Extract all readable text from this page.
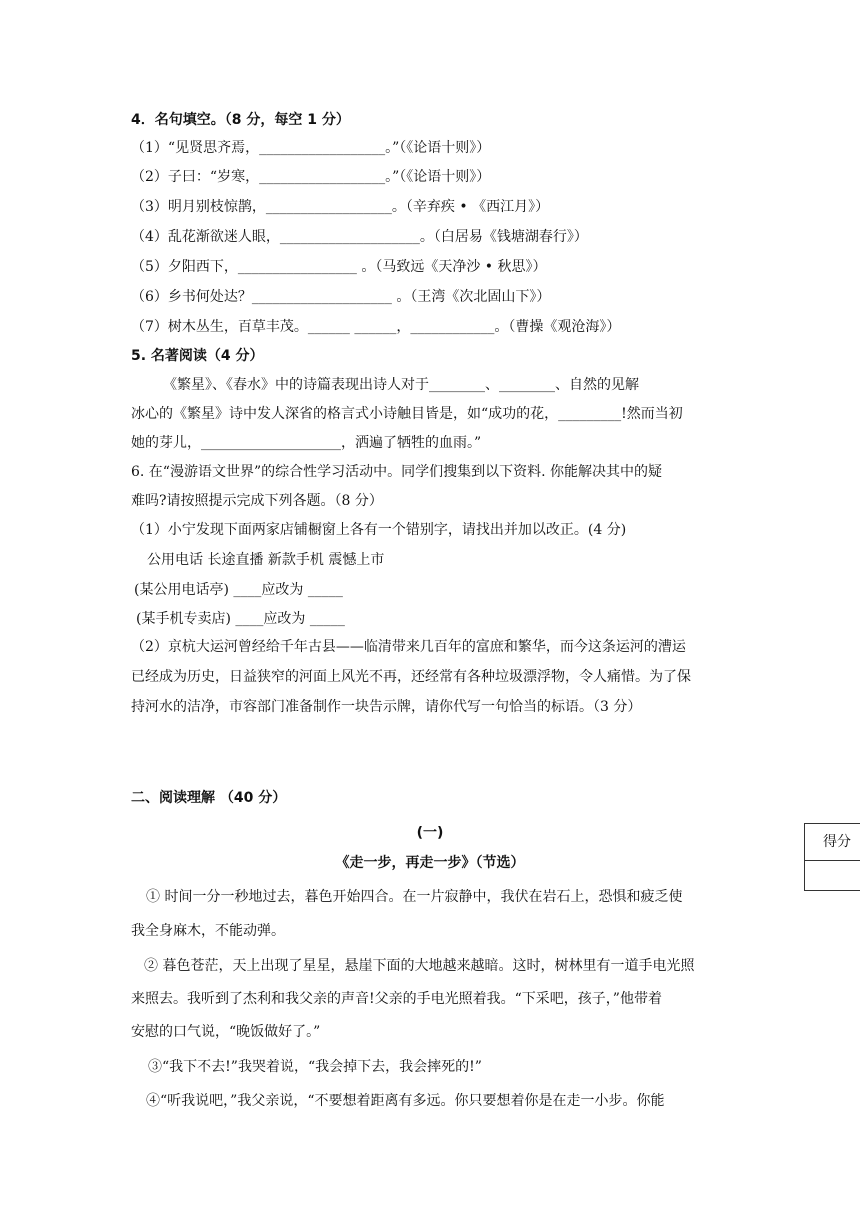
4．名句填空。（8 分，每空 1 分）
（1）“见贤思齐焉，__________________。”（《论语十则》）
（2）子曰：“岁寒，__________________。”（《论语十则》）
（3）明月别枝惊鹊，__________________。（辛弃疾 • 《西江月》）
（4）乱花渐欲迷人眼，____________________。（白居易《钱塘湖春行》）
（5）夕阳西下，_________________ 。（马致远《天净沙 • 秋思》）
（6）乡书何处达？____________________ 。（王湾《次北固山下》）
（7）树木丛生，百草丰茂。______ ______，____________。（曹操《观沧海》）
5. 名著阅读（4 分）
《繁星》、《春水》中的诗篇表现出诗人对于________、________、自然的见解
冰心的《繁星》诗中发人深省的格言式小诗触目皆是，如“成功的花，_________!然而当初
她的芽儿，____________________，洒遍了牺牲的血雨。”
6. 在“漫游语文世界”的综合性学习活动中。同学们搜集到以下资料. 你能解决其中的疑
难吗?请按照提示完成下列各题。（8 分）
（1）小宁发现下面两家店铺橱窗上各有一个错别字，请找出并加以改正。(4 分)
公用电话 长途直播 新款手机 震憾上市
(某公用电话亭) ____应改为 _____
(某手机专卖店) ____应改为 _____
（2）京杭大运河曾经给千年古县——临清带来几百年的富庶和繁华，而今这条运河的漕运
已经成为历史，日益狭窄的河面上风光不再，还经常有各种垃圾漂浮物，令人痛惜。为了保
持河水的洁净，市容部门准备制作一块告示牌，请你代写一句恰当的标语。（3 分）
二、阅读理解 （40 分）
(一)
《走一步，再走一步》（节选）
得分
① 时间一分一秒地过去，暮色开始四合。在一片寂静中，我伏在岩石上，恐惧和疲乏使
我全身麻木，不能动弹。
② 暮色苍茫，天上出现了星星，悬崖下面的大地越来越暗。这时，树林里有一道手电光照
来照去。我听到了杰利和我父亲的声音!父亲的手电光照着我。“下采吧，孩子，”他带着
安慰的口气说，“晚饭做好了。”
③“我下不去!”我哭着说，“我会掉下去，我会摔死的!”
④“听我说吧，”我父亲说，“不要想着距离有多远。你只要想着你是在走一小步。你能
